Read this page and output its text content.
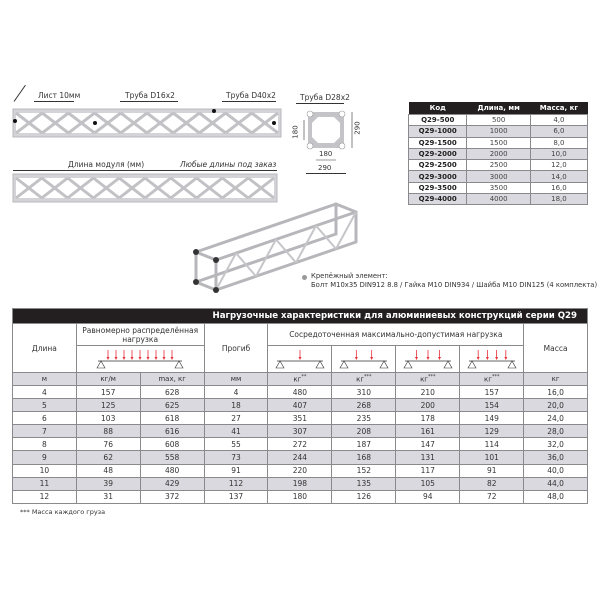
Лист 10мм	Труба D16x2	Труба D40x2	Труба D28x2
180	290
180
290
Код	Длина, мм	Масса, кг
Q29-500	500	4,0
Q29-1000	1000	6,0
Q29-1500	1500	8,0
Q29-2000	2000	10,0
Q29-2500	2500	12,0
Q29-3000	3000	14,0
Q29-3500	3500	16,0
Q29-4000	4000	18,0
Длина модуля (мм)	Любые длины под заказ
Крепёжный элемент:
Болт М10x35 DIN912 8.8 / Гайка М10 DIN934 / Шайба М10 DIN125 (4 комплекта)
Нагрузочные характеристики для алюминиевых конструкций серии Q29								
Длина	Равномерно распределённая нагрузка		Прогиб	Сосредоточенная максимально-допустимая нагрузка				Масса

м	кг/м	max, кг	мм	кг**	кг***	кг***	кг***	кг
4	157	628	4	480	310	210	157	16,0
5	125	625	18	407	268	200	154	20,0
6	103	618	27	351	235	178	149	24,0
7	88	616	41	307	208	161	129	28,0
8	76	608	55	272	187	147	114	32,0
9	62	558	73	244	168	131	101	36,0
10	48	480	91	220	152	117	91	40,0
11	39	429	112	198	135	105	82	44,0
12	31	372	137	180	126	94	72	48,0
*** Масса каждого груза
